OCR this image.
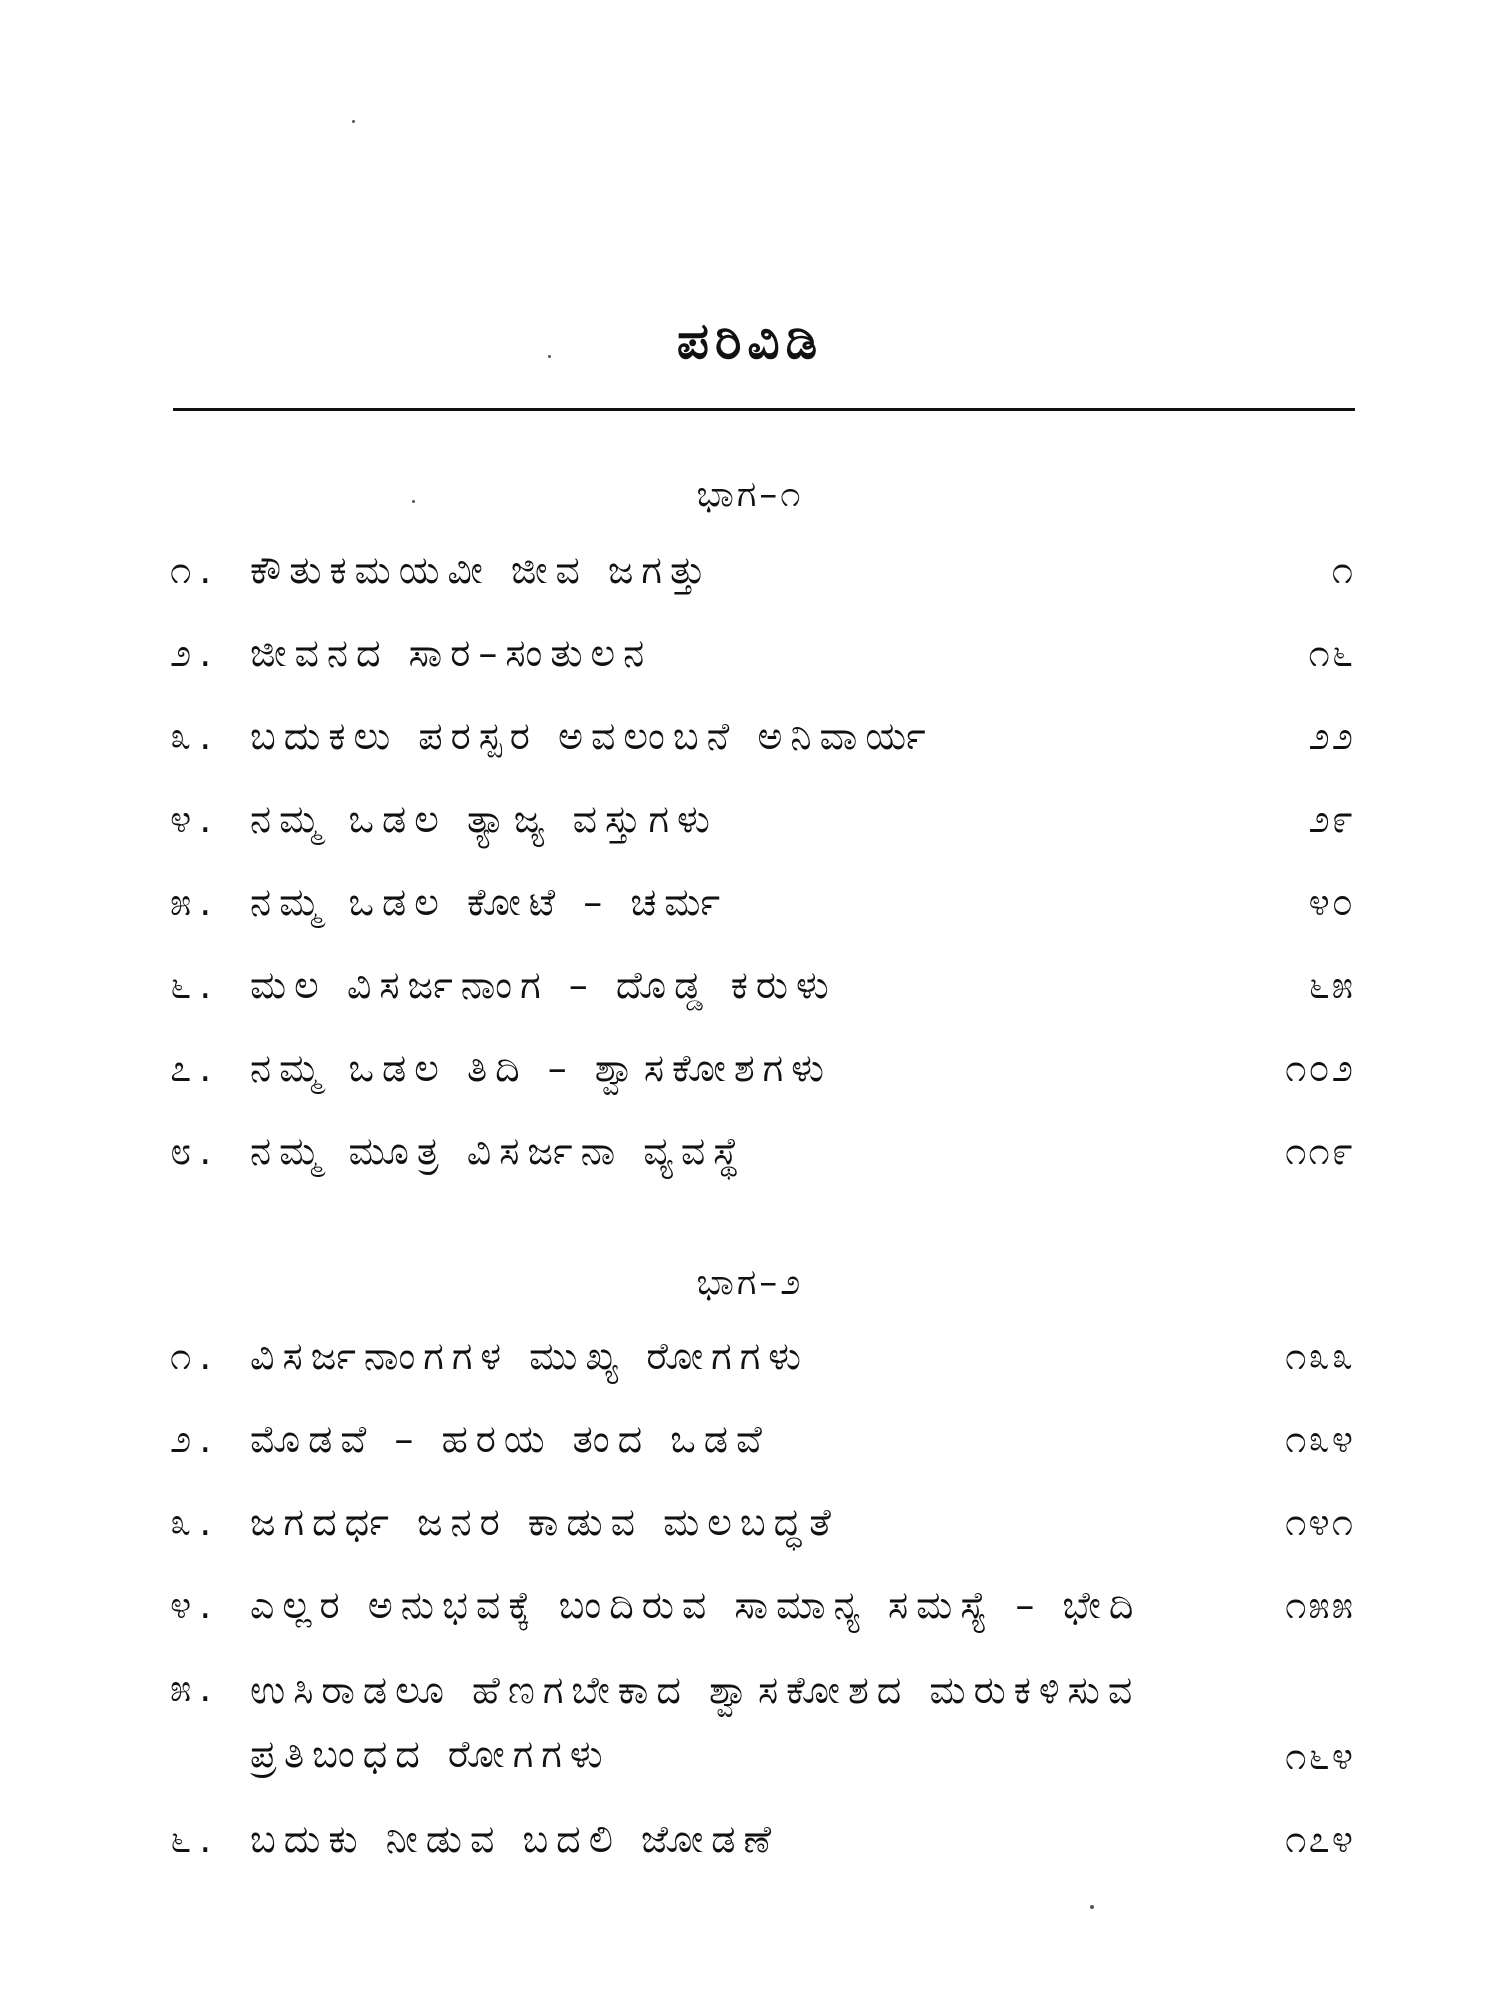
ಪರಿವಿಡಿ
ಭಾಗ–೧
೧. ಕೌತುಕಮಯವೀ ಜೀವ ಜಗತ್ತು	೧
೨. ಜೀವನದ ಸಾರ–ಸಂತುಲನ	೧೬
೩. ಬದುಕಲು ಪರಸ್ಪರ ಅವಲಂಬನೆ ಅನಿವಾರ್ಯ	೨೨
೪. ನಮ್ಮ ಒಡಲ ತ್ಯಾಜ್ಯ ವಸ್ತುಗಳು	೨೯
೫. ನಮ್ಮ ಒಡಲ ಕೋಟೆ – ಚರ್ಮ	೪೦
೬. ಮಲ ವಿಸರ್ಜನಾಂಗ – ದೊಡ್ಡ ಕರುಳು	೬೫
೭. ನಮ್ಮ ಒಡಲ ತಿದಿ – ಶ್ವಾಸಕೋಶಗಳು	೧೦೨
೮. ನಮ್ಮ ಮೂತ್ರ ವಿಸರ್ಜನಾ ವ್ಯವಸ್ಥೆ	೧೧೯
ಭಾಗ–೨
೧. ವಿಸರ್ಜನಾಂಗಗಳ ಮುಖ್ಯ ರೋಗಗಳು	೧೩೩
೨. ಮೊಡವೆ – ಹರಯ ತಂದ ಒಡವೆ	೧೩೪
೩. ಜಗದರ್ಧ ಜನರ ಕಾಡುವ ಮಲಬದ್ಧತೆ	೧೪೧
೪. ಎಲ್ಲರ ಅನುಭವಕ್ಕೆ ಬಂದಿರುವ ಸಾಮಾನ್ಯ ಸಮಸ್ಯೆ – ಭೇದಿ	೧೫೫
೫. ಉಸಿರಾಡಲೂ ಹೆಣಗಬೇಕಾದ ಶ್ವಾಸಕೋಶದ ಮರುಕಳಿಸುವ ಪ್ರತಿಬಂಧದ ರೋಗಗಳು	೧೬೪
೬. ಬದುಕು ನೀಡುವ ಬದಲಿ ಜೋಡಣೆ	೧೭೪
